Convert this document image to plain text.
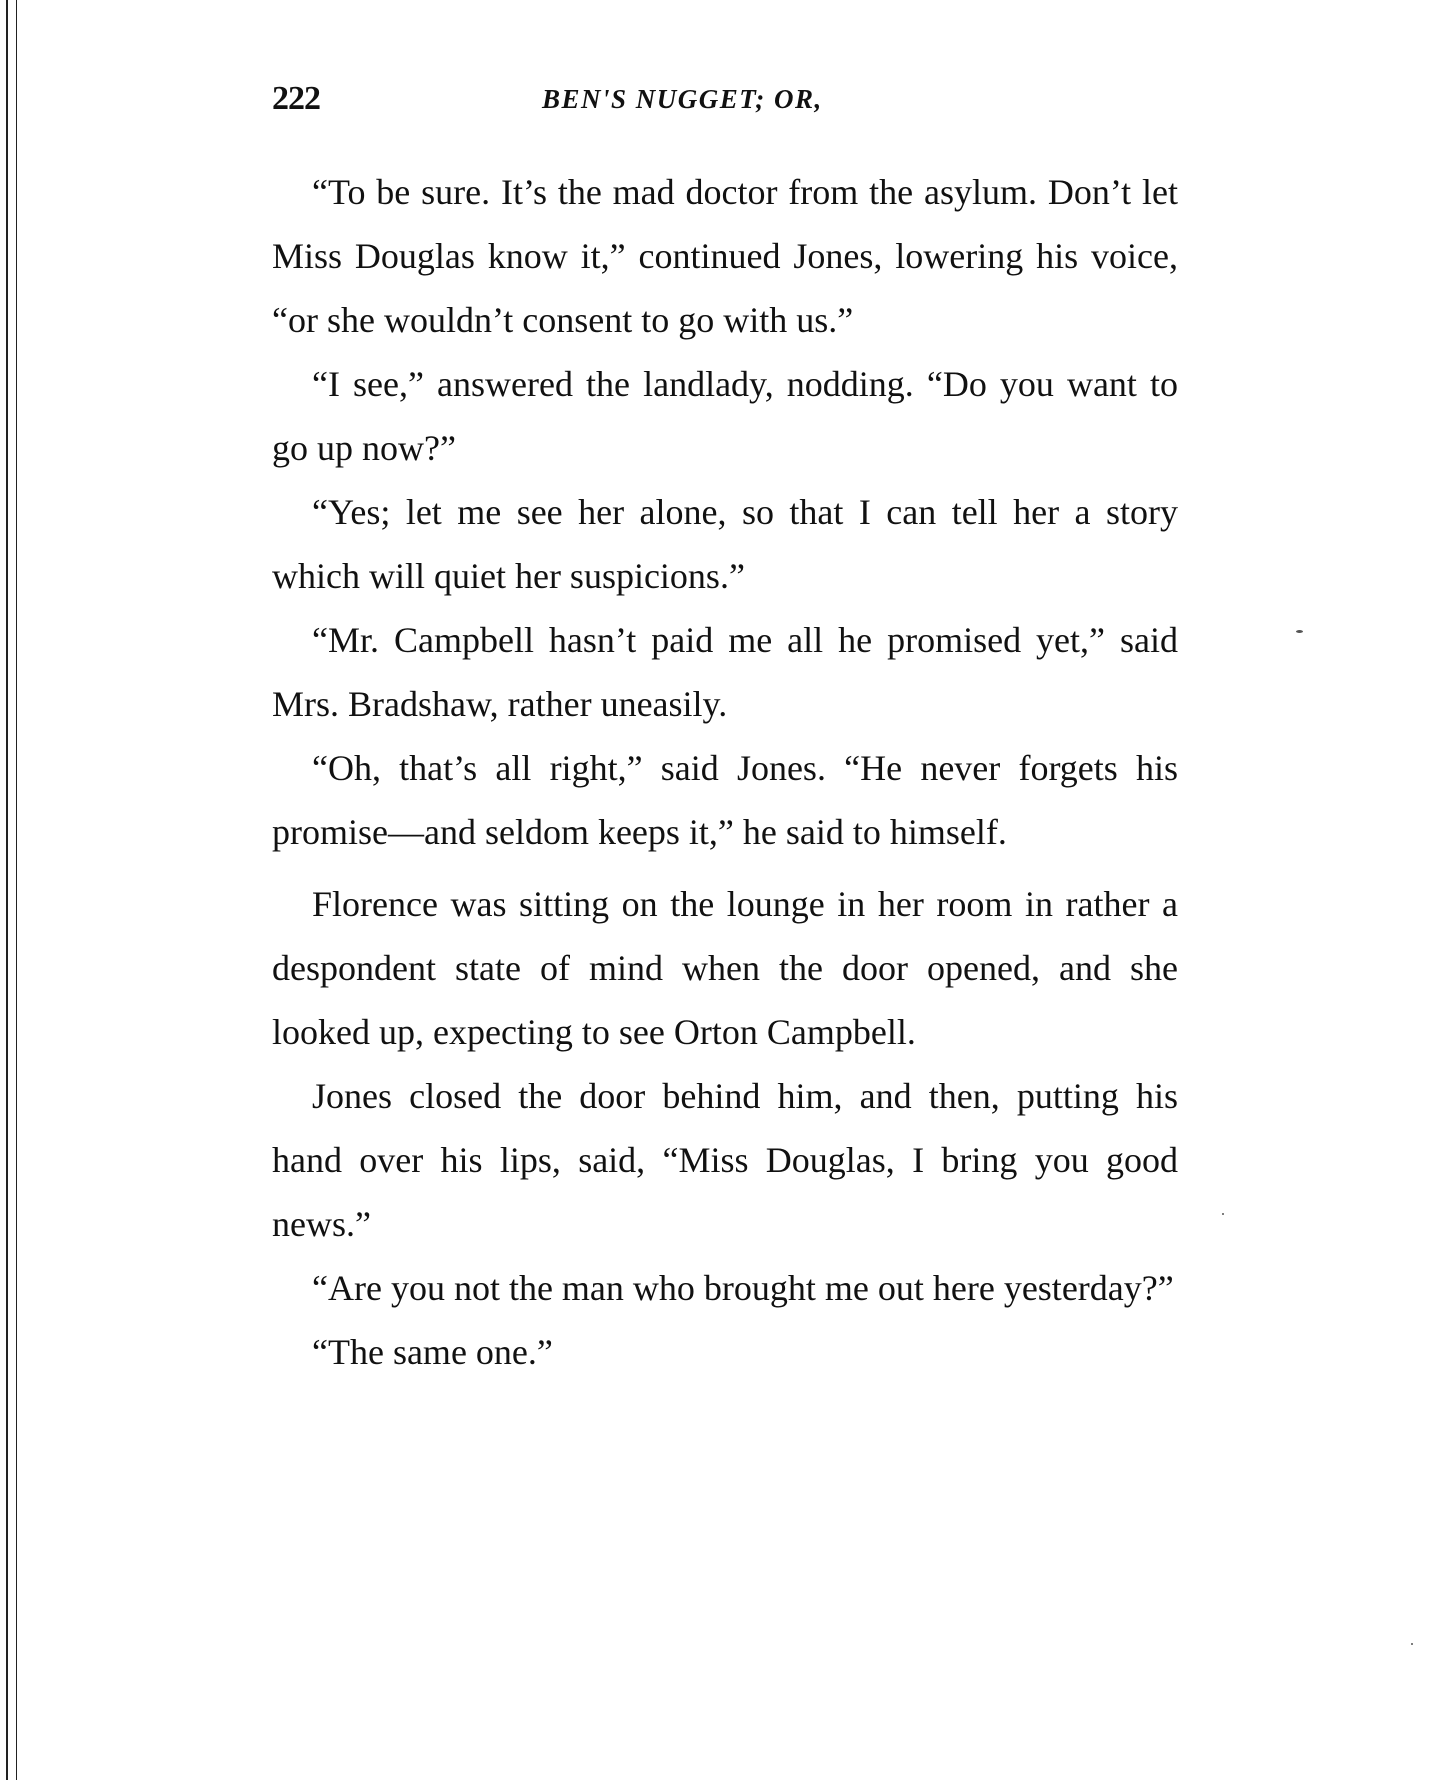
222	BEN'S NUGGET; OR,

“To be sure. It’s the mad doctor from the asylum. Don’t let Miss Douglas know it,” continued Jones, lowering his voice, “or she wouldn’t consent to go with us.”

“I see,” answered the landlady, nodding. “Do you want to go up now?”

“Yes; let me see her alone, so that I can tell her a story which will quiet her suspicions.”

“Mr. Campbell hasn’t paid me all he promised yet,” said Mrs. Bradshaw, rather uneasily.

“Oh, that’s all right,” said Jones. “He never forgets his promise—and seldom keeps it,” he said to himself.

Florence was sitting on the lounge in her room in rather a despondent state of mind when the door opened, and she looked up, expecting to see Orton Campbell.

Jones closed the door behind him, and then, putting his hand over his lips, said, “Miss Douglas, I bring you good news.”

“Are you not the man who brought me out here yesterday?”

“The same one.”
